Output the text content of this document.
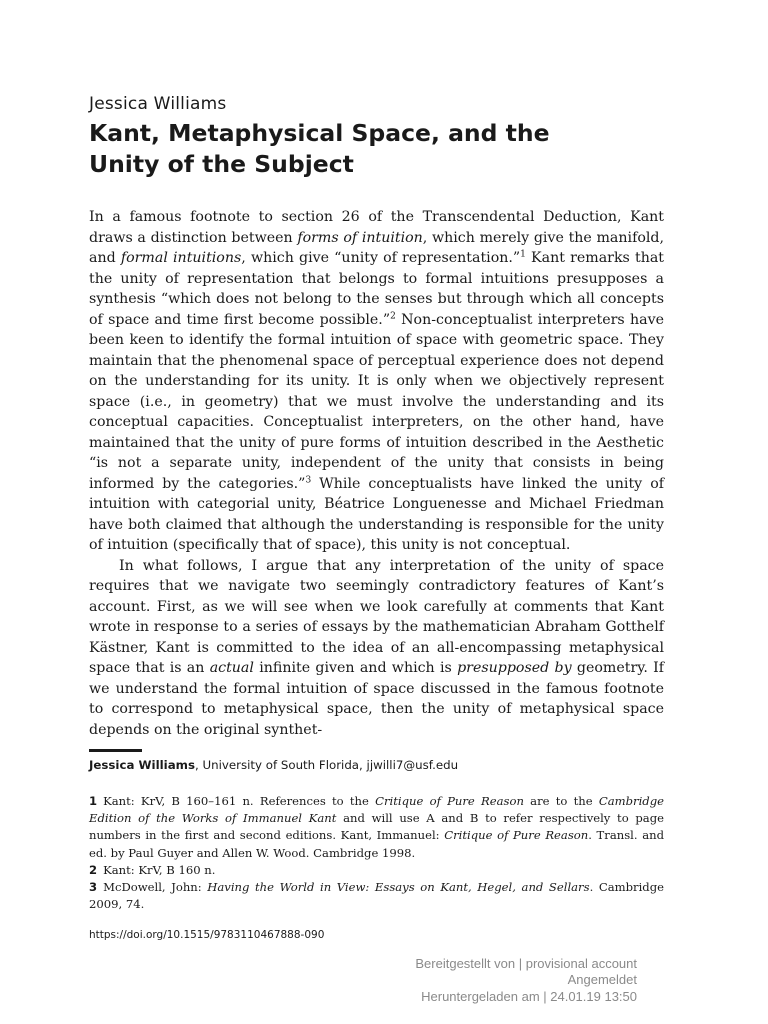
Jessica Williams
Kant, Metaphysical Space, and the
Unity of the Subject

In a famous footnote to section 26 of the Transcendental Deduction, Kant draws a distinction between forms of intuition, which merely give the manifold, and formal intuitions, which give “unity of representation.”$^1$ Kant remarks that the unity of representation that belongs to formal intuitions presupposes a synthesis “which does not belong to the senses but through which all concepts of space and time first become possible.”$^2$ Non-conceptualist interpreters have been keen to identify the formal intuition of space with geometric space. They maintain that the phenomenal space of perceptual experience does not depend on the understanding for its unity. It is only when we objectively represent space (i.e., in geometry) that we must involve the understanding and its conceptual capacities. Conceptualist interpreters, on the other hand, have maintained that the unity of pure forms of intuition described in the Aesthetic “is not a separate unity, independent of the unity that consists in being informed by the categories.”$^3$ While conceptualists have linked the unity of intuition with categorial unity, Béatrice Longuenesse and Michael Friedman have both claimed that although the understanding is responsible for the unity of intuition (specifically that of space), this unity is not conceptual.

In what follows, I argue that any interpretation of the unity of space requires that we navigate two seemingly contradictory features of Kant’s account. First, as we will see when we look carefully at comments that Kant wrote in response to a series of essays by the mathematician Abraham Gotthelf Kästner, Kant is committed to the idea of an all-encompassing metaphysical space that is an actual infinite given and which is presupposed by geometry. If we understand the formal intuition of space discussed in the famous footnote to correspond to metaphysical space, then the unity of metaphysical space depends on the original synthet-

Jessica Williams, University of South Florida, jjwilli7@usf.edu
1 Kant: KrV, B 160–161 n. References to the Critique of Pure Reason are to the Cambridge Edition of the Works of Immanuel Kant and will use A and B to refer respectively to page numbers in the first and second editions. Kant, Immanuel: Critique of Pure Reason. Transl. and ed. by Paul Guyer and Allen W. Wood. Cambridge 1998.
2 Kant: KrV, B 160 n.
3 McDowell, John: Having the World in View: Essays on Kant, Hegel, and Sellars. Cambridge 2009, 74.
https://doi.org/10.1515/9783110467888-090
Bereitgestellt von | provisional account
Angemeldet
Heruntergeladen am | 24.01.19 13:50
